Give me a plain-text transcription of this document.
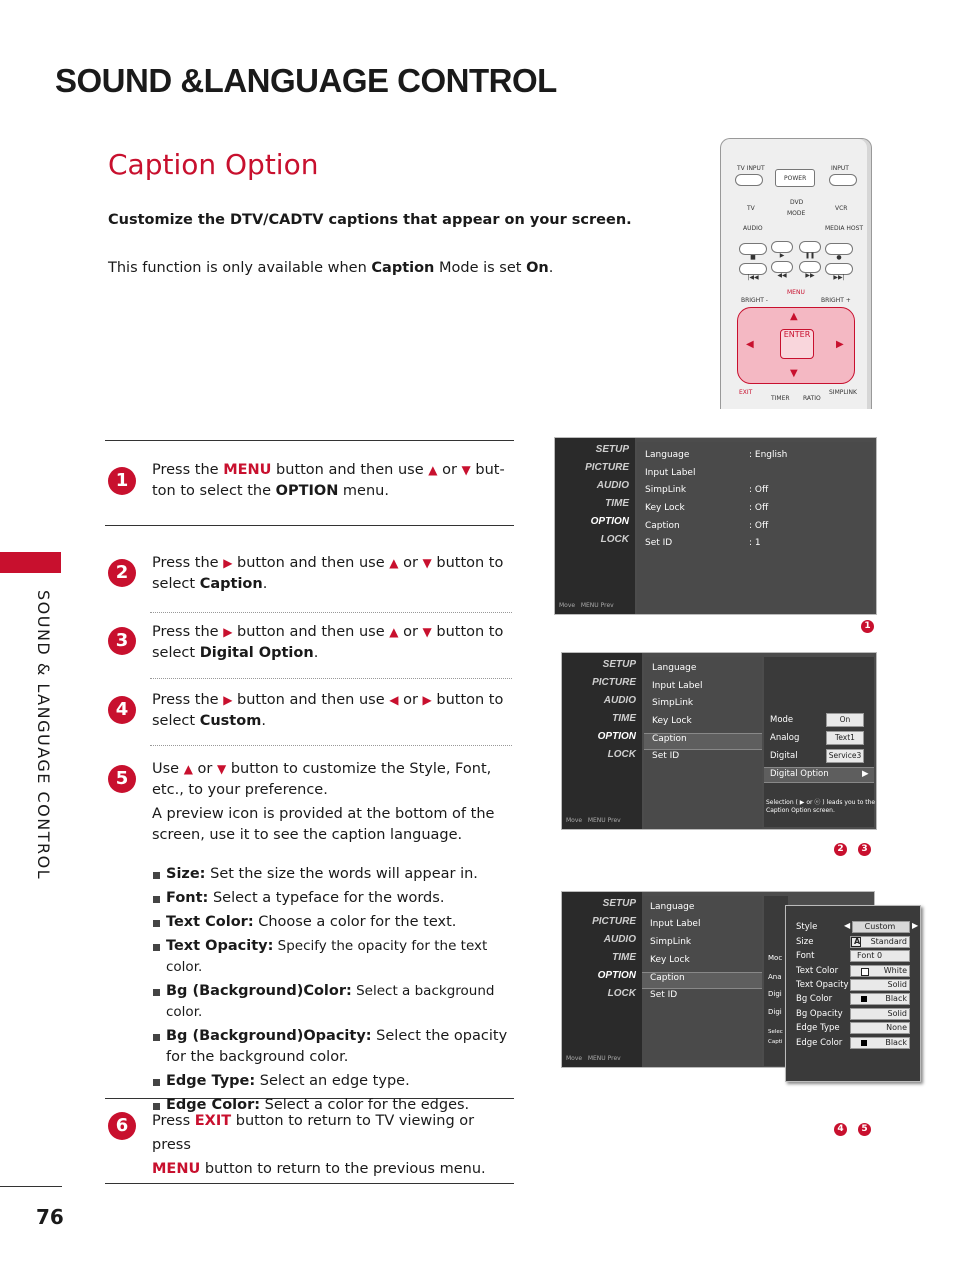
SOUND &LANGUAGE CONTROL
Caption Option
Customize the DTV/CADTV captions that appear on your screen.
This function is only available when Caption Mode is set On.
SOUND & LANGUAGE CONTROL
76
1	Press the MENU button and then use ▲ or ▼ but-

ton to select the OPTION menu.

2	Press the ▶ button and then use ▲ or ▼ button to

select Caption.

3	Press the ▶ button and then use ▲ or ▼ button to

select Digital Option.

4	Press the ▶ button and then use ◀ or ▶ button to

select Custom.

5	Use ▲ or ▼ button to customize the Style, Font,

etc., to your preference.

A preview icon is provided at the bottom of the

screen, use it to see the caption language.

Size: Set the size the words will appear in.
Font: Select a typeface for the words.
Text Color: Choose a color for the text.
Text Opacity: Specify the opacity for the text color.
Bg (Background)Color: Select a background color.
Bg (Background)Opacity: Select the opacity for the background color.
Edge Type: Select an edge type.
Edge Color: Select a color for the edges.
6	Press EXIT button to return to TV viewing or press

MENU button to return to the previous menu.

TV INPUT	INPUT
POWER
TV
DVD
VCR
MODE
AUDIO	MEDIA HOST
■	▶	❚❚	●
|◀◀	◀◀	▶▶	▶▶|
BRIGHT -
MENU
BRIGHT +
▲
▼
◀	▶
ENTER
EXIT
TIMER RATIO
SIMPLINK
SETUP
PICTURE
AUDIO
TIME
OPTION
LOCK
Move MENU Prev
Language	: English
Input Label
SimpLink	: Off
Key Lock	: Off
Caption	: Off
Set ID	: 1
1
SETUP
PICTURE
AUDIO
TIME
OPTION
LOCK
Move MENU Prev
Language
Input Label
SimpLink
Key Lock
Caption
Set ID
Mode	On
Analog	Text1
Digital	Service3
Digital Option	▶
Selection ( ▶ or ⓔ ) leads you to the
Caption Option screen.
2	3
SETUP
PICTURE
AUDIO
TIME
OPTION
LOCK
Move MENU Prev
Language
Input Label
SimpLink
Key Lock
Caption
Set ID
Moc
Ana
Digi
Digi
Selec
Capti
Style	◀	Custom	▶
Size	A Standard
Font	Font 0
Text Color	White
Text Opacity	Solid
Bg Color	Black
Bg Opacity	Solid
Edge Type	None
Edge Color	Black
4	5
